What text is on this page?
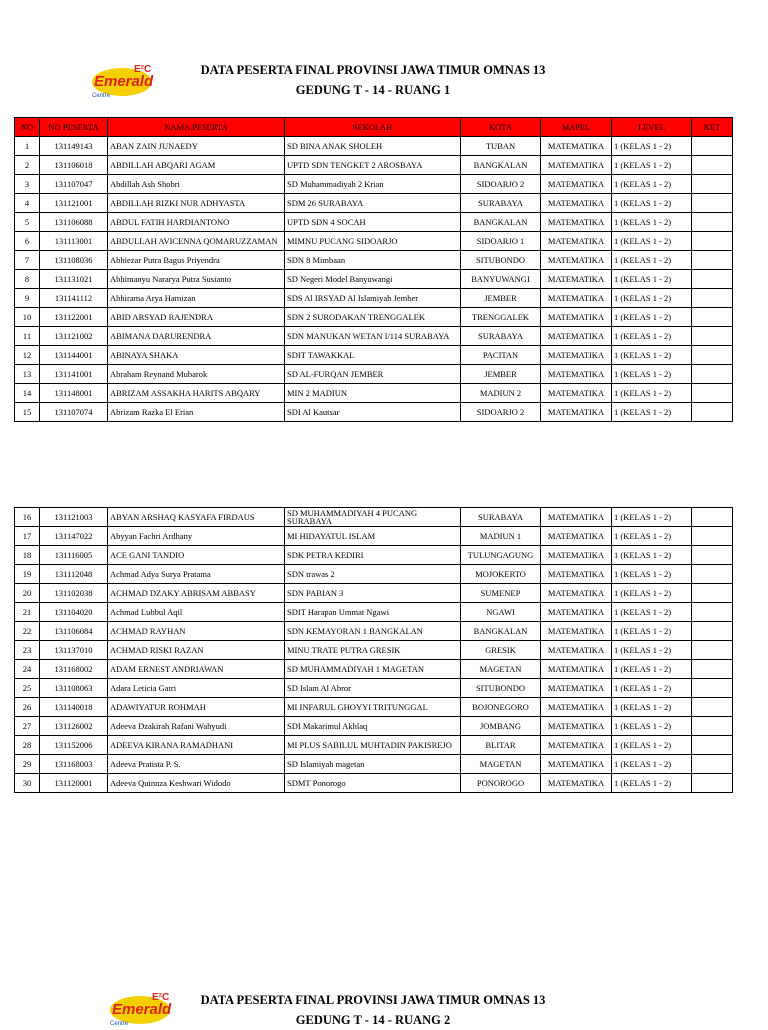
Emerald
E²C
Centre
DATA PESERTA FINAL PROVINSI JAWA TIMUR OMNAS 13
GEDUNG T - 14 - RUANG 1
NO	NO PESERTA	NAMA PESERTA	SEKOLAH	KOTA	MAPEL	LEVEL	KET
1	131149143	ABAN ZAIN JUNAEDY	SD BINA ANAK SHOLEH	TUBAN	MATEMATIKA	1 (KELAS 1 - 2)	
2	131106018	ABDILLAH ABQARI AGAM	UPTD SDN TENGKET 2 AROSBAYA	BANGKALAN	MATEMATIKA	1 (KELAS 1 - 2)	
3	131107047	Abdillah Ash Shobri	SD Muhammadiyah 2 Krian	SIDOARJO 2	MATEMATIKA	1 (KELAS 1 - 2)	
4	131121001	ABDILLAH RIZKI NUR ADHYASTA	SDM 26 SURABAYA	SURABAYA	MATEMATIKA	1 (KELAS 1 - 2)	
5	131106088	ABDUL FATIH HARDIANTONO	UPTD SDN 4 SOCAH	BANGKALAN	MATEMATIKA	1 (KELAS 1 - 2)	
6	131113001	ABDULLAH AVICENNA QOMARUZZAMAN	MIMNU PUCANG SIDOARJO	SIDOARJO 1	MATEMATIKA	1 (KELAS 1 - 2)	
7	131108036	Abhiezar Putra Bagus Priyendra	SDN 8 Mimbaan	SITUBONDO	MATEMATIKA	1 (KELAS 1 - 2)	
8	131131021	Abhimanyu Nararya Putra Susianto	SD Negeri Model Banyuwangi	BANYUWANGI	MATEMATIKA	1 (KELAS 1 - 2)	
9	131141112	Abhirama Arya Hamizan	SDS Al IRSYAD Al Islamiyah Jember	JEMBER	MATEMATIKA	1 (KELAS 1 - 2)	
10	131122001	ABID ARSYAD RAJENDRA	SDN 2 SURODAKAN TRENGGALEK	TRENGGALEK	MATEMATIKA	1 (KELAS 1 - 2)	
11	131121002	ABIMANA DARURENDRA	SDN MANUKAN WETAN I/114 SURABAYA	SURABAYA	MATEMATIKA	1 (KELAS 1 - 2)	
12	131144001	ABINAYA SHAKA	SDIT TAWAKKAL	PACITAN	MATEMATIKA	1 (KELAS 1 - 2)	
13	131141001	Abraham Reynand Mubarok	SD AL-FURQAN JEMBER	JEMBER	MATEMATIKA	1 (KELAS 1 - 2)	
14	131148001	ABRIZAM ASSAKHA HARITS ABQARY	MIN 2 MADIUN	MADIUN 2	MATEMATIKA	1 (KELAS 1 - 2)	
15	131107074	Abrizam Razka El Erian	SDI Al Kautsar	SIDOARJO 2	MATEMATIKA	1 (KELAS 1 - 2)	
16	131121003	ABYAN ARSHAQ KASYAFA FIRDAUS	SD MUHAMMADIYAH 4 PUCANG SURABAYA	SURABAYA	MATEMATIKA	1 (KELAS 1 - 2)	
17	131147022	Abyyan Fachri Ardhany	MI HIDAYATUL ISLAM	MADIUN 1	MATEMATIKA	1 (KELAS 1 - 2)	
18	131116005	ACE GANI TANDIO	SDK PETRA KEDIRI	TULUNGAGUNG	MATEMATIKA	1 (KELAS 1 - 2)	
19	131112048	Achmad Adya Surya Pratama	SDN trawas 2	MOJOKERTO	MATEMATIKA	1 (KELAS 1 - 2)	
20	131102038	ACHMAD DZAKY ABRISAM ABBASY	SDN PABIAN 3	SUMENEP	MATEMATIKA	1 (KELAS 1 - 2)	
21	131104020	Achmad Lubbul Aqil	SDIT Harapan Ummat Ngawi	NGAWI	MATEMATIKA	1 (KELAS 1 - 2)	
22	131106084	ACHMAD RAYHAN	SDN KEMAYORAN 1 BANGKALAN	BANGKALAN	MATEMATIKA	1 (KELAS 1 - 2)	
23	131137010	ACHMAD RISKI RAZAN	MINU TRATE PUTRA GRESIK	GRESIK	MATEMATIKA	1 (KELAS 1 - 2)	
24	131168002	ADAM ERNEST ANDRIAWAN	SD MUHAMMADIYAH 1 MAGETAN	MAGETAN	MATEMATIKA	1 (KELAS 1 - 2)	
25	131108063	Adara Leticia Gatri	SD Islam Al Abror	SITUBONDO	MATEMATIKA	1 (KELAS 1 - 2)	
26	131140018	ADAWIYATUR ROHMAH	MI INFARUL GHOYYI TRITUNGGAL	BOJONEGORO	MATEMATIKA	1 (KELAS 1 - 2)	
27	131126002	Adeeva Dzakirah Rafani Wahyudi	SDI Makarimul Akhlaq	JOMBANG	MATEMATIKA	1 (KELAS 1 - 2)	
28	131152006	ADEEVA KIRANA RAMADHANI	MI PLUS SABILUL MUHTADIN PAKISREJO	BLITAR	MATEMATIKA	1 (KELAS 1 - 2)	
29	131168003	Adeeva Pratista P. S.	SD Islamiyah magetan	MAGETAN	MATEMATIKA	1 (KELAS 1 - 2)	
30	131120001	Adeeva Quinnza Keshwari Widodo	SDMT Ponorogo	PONOROGO	MATEMATIKA	1 (KELAS 1 - 2)	
Emerald
E²C
Centre
DATA PESERTA FINAL PROVINSI JAWA TIMUR OMNAS 13
GEDUNG T - 14 - RUANG 2
